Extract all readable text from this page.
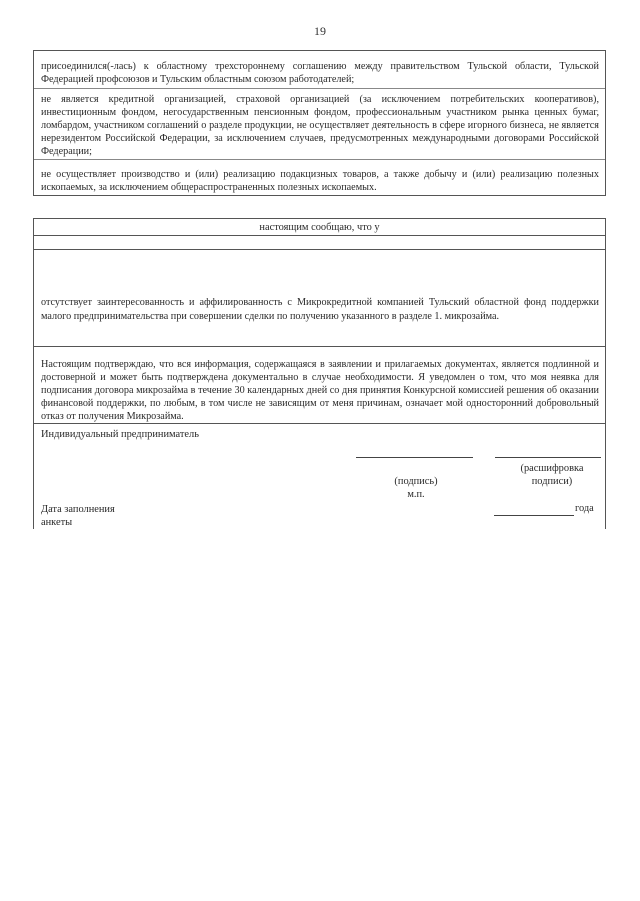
19

присоединился(-лась) к областному трехстороннему соглашению между правительством Тульской области, Тульской Федерацией профсоюзов и Тульским областным союзом работодателей;

не является кредитной организацией, страховой организацией (за исключением потребительских кооперативов), инвестиционным фондом, негосударственным пенсионным фондом, профессиональным участником рынка ценных бумаг, ломбардом, участником соглашений о разделе продукции, не осуществляет деятельность в сфере игорного бизнеса, не является нерезидентом Российской Федерации, за исключением случаев, предусмотренных международными договорами Российской Федерации;

не осуществляет производство и (или) реализацию подакцизных товаров, а также добычу и (или) реализацию полезных ископаемых, за исключением общераспространенных полезных ископаемых.

настоящим сообщаю, что у

отсутствует заинтересованность и аффилированность с Микрокредитной компанией Тульский областной фонд поддержки малого предпринимательства при совершении сделки по получению указанного в разделе 1. микрозайма.

Настоящим подтверждаю, что вся информация, содержащаяся в заявлении и прилагаемых документах, является подлинной и достоверной и может быть подтверждена документально в случае необходимости. Я уведомлен о том, что моя неявка для подписания договора микрозайма в течение 30 календарных дней со дня принятия Конкурсной комиссией решения об оказании финансовой поддержки, по любым, в том числе не зависящим от меня причинам, означает мой односторонний добровольный отказ от получения Микрозайма.

Индивидуальный предприниматель
(расшифровка
подписи)
(подпись)
м.п.
Дата заполнения
анкеты
года
